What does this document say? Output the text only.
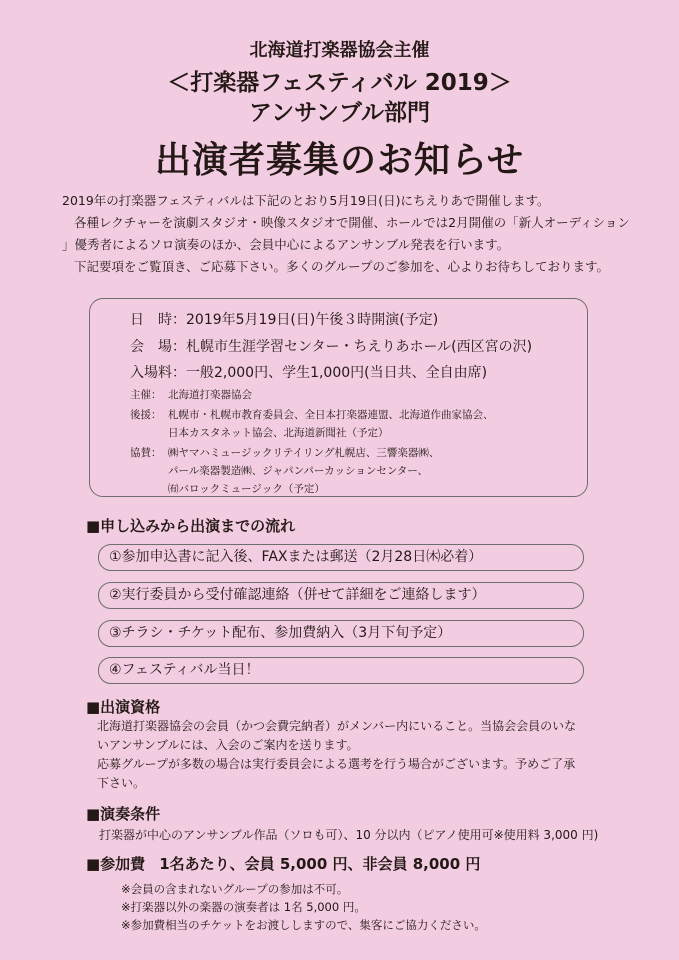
北海道打楽器協会主催
＜打楽器フェスティバル 2019＞
アンサンブル部門
出演者募集のお知らせ

2019年の打楽器フェスティバルは下記のとおり5月19日(日)にちえりあで開催します。

各種レクチャーを演劇スタジオ・映像スタジオで開催、ホールでは2月開催の「新人オーディション

」優秀者によるソロ演奏のほか、会員中心によるアンサンブル発表を行います。

下記要項をご覧頂き、ご応募下さい。多くのグループのご参加を、心よりお待ちしております。

日　時：2019年5月19日(日)午後３時開演(予定)
会　場：札幌市生涯学習センター・ちえりあホール(西区宮の沢)
入場料：一般2,000円、学生1,000円(当日共、全自由席)
主催： 北海道打楽器協会
後援： 札幌市・札幌市教育委員会、全日本打楽器連盟、北海道作曲家協会、
日本カスタネット協会、北海道新聞社（予定）
協賛： ㈱ヤマハミュージックリテイリング札幌店、三響楽器㈱、
パール楽器製造㈱、ジャパンパーカッションセンター、
㈲バロックミュージック（予定）
■申し込みから出演までの流れ
①参加申込書に記入後、FAXまたは郵送（2月28日㈭必着）
②実行委員から受付確認連絡（併せて詳細をご連絡します）
③チラシ・チケット配布、参加費納入（3月下旬予定）
④フェスティバル当日！
■出演資格
北海道打楽器協会の会員（かつ会費完納者）がメンバー内にいること。当協会会員のいな
いアンサンブルには、入会のご案内を送ります。
応募グループが多数の場合は実行委員会による選考を行う場合がございます。予めご了承
下さい。
■演奏条件
打楽器が中心のアンサンブル作品（ソロも可）、10 分以内（ピアノ使用可※使用料 3,000 円)
■参加費 1名あたり、会員 5,000 円、非会員 8,000 円
※会員の含まれないグループの参加は不可。
※打楽器以外の楽器の演奏者は 1名 5,000 円。
※参加費相当のチケットをお渡ししますので、集客にご協力ください。
